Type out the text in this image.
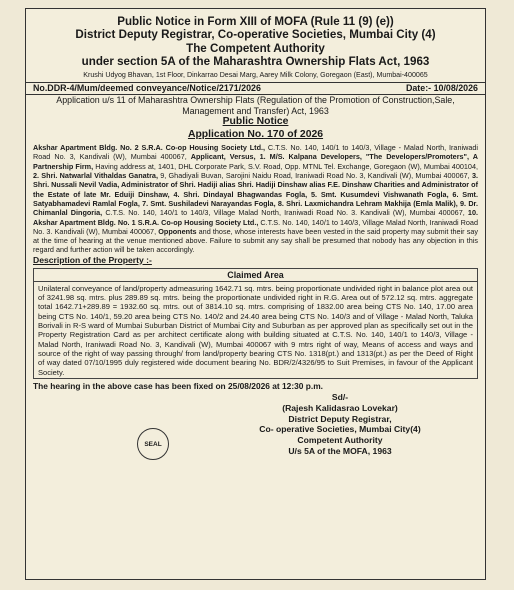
Public Notice in Form XIII of MOFA (Rule 11 (9) (e))
District Deputy Registrar, Co-operative Societies, Mumbai City (4)
The Competent Authority
under section 5A of the Maharashtra Ownership Flats Act, 1963
Krushi Udyog Bhavan, 1st Floor, Dinkarrao Desai Marg, Aarey Milk Colony, Goregaon (East), Mumbai-400065
No.DDR-4/Mum/deemed conveyance/Notice/2171/2026	Date:- 10/08/2026
Application u/s 11 of Maharashtra Ownership Flats (Regulation of the Promotion of Construction,Sale, Management and Transfer) Act, 1963
Public Notice
Application No. 170 of 2026
Akshar Apartment Bldg. No. 2 S.R.A. Co-op Housing Society Ltd., C.T.S. No. 140, 140/1 to 140/3, Village - Malad North, Iraniwadi Road No. 3, Kandivali (W), Mumbai 400067, Applicant, Versus, 1. M/S. Kalpana Developers, "The Developers/Promoters", A Partnership Firm, Having address at, 1401, DHL Corporate Park, S.V. Road, Opp. MTNL Tel. Exchange, Goregaon (W), Mumbai 400104, 2. Shri. Natwarlal Vithaldas Ganatra, 9, Ghadiyali Buvan, Sarojini Naidu Road, Iraniwadi Road No. 3, Kandivali (W), Mumbai 400067, 3. Shri. Nussali Nevil Vadia, Administrator of Shri. Hadiji alias Shri. Hadiji Dinshaw alias F.E. Dinshaw Charities and Administrator of the Estate of late Mr. Eduiji Dinshaw, 4. Shri. Dindayal Bhagwandas Fogla, 5. Smt. Kusumdevi Vishwanath Fogla, 6. Smt. Satyabhamadevi Ramlal Fogla, 7. Smt. Sushiladevi Narayandas Fogla, 8. Shri. Laxmichandra Lehram Makhija (Emla Malik), 9. Dr. Chimanlal Dingoria, C.T.S. No. 140, 140/1 to 140/3, Village Malad North, Iraniwadi Road No. 3. Kandivali (W), Mumbai 400067, 10. Akshar Apartment Bldg. No. 1 S.R.A. Co-op Housing Society Ltd., C.T.S. No. 140, 140/1 to 140/3, Village Malad North, Iraniwadi Road No. 3. Kandivali (W), Mumbai 400067, Opponents and those, whose interests have been vested in the said property may submit their say at the time of hearing at the venue mentioned above. Failure to submit any say shall be presumed that nobody has any objection in this regard and further action will be taken accordingly.
Description of the Property :-
Claimed Area
Unilateral conveyance of land/property admeasuring 1642.71 sq. mtrs. being proportionate undivided right in balance plot area out of 3241.98 sq. mtrs. plus 289.89 sq. mtrs. being the proportionate undivided right in R.G. Area out of 572.12 sq. mtrs. aggregate total 1642.71+289.89 = 1932.60 sq. mtrs. out of 3814.10 sq. mtrs. comprising of 1832.00 area being CTS No. 140, 17.00 area being CTS No. 140/1, 59.20 area being CTS No. 140/2 and 24.40 area being CTS No. 140/3 and of Village - Malad North, Taluka Borivali in R-S ward of Mumbai Suburban District of Mumbai City and Suburban as per approved plan as specifically set out in the Property Registration Card as per architect certificate along with building situated at C.T.S. No. 140, 140/1 to 140/3, Village - Malad North, Iraniwadi Road No. 3, Kandivali (W), Mumbai 400067 with 9 mtrs right of way, Means of access and ways and source of the right of way passing through/ from land/property bearing CTS No. 1318(pt.) and 1313(pt.) as per the Deed of Right of way dated 07/10/1995 duly registered wide document bearing No. BDR/2/4326/95 to Suit Premises, in favour of the Applicant Society.
The hearing in the above case has been fixed on 25/08/2026 at 12:30 p.m.
SEAL
Sd/-
(Rajesh Kalidasrao Lovekar)
District Deputy Registrar,
Co- operative Societies, Mumbai City(4)
Competent Authority
U/s 5A of the MOFA, 1963
